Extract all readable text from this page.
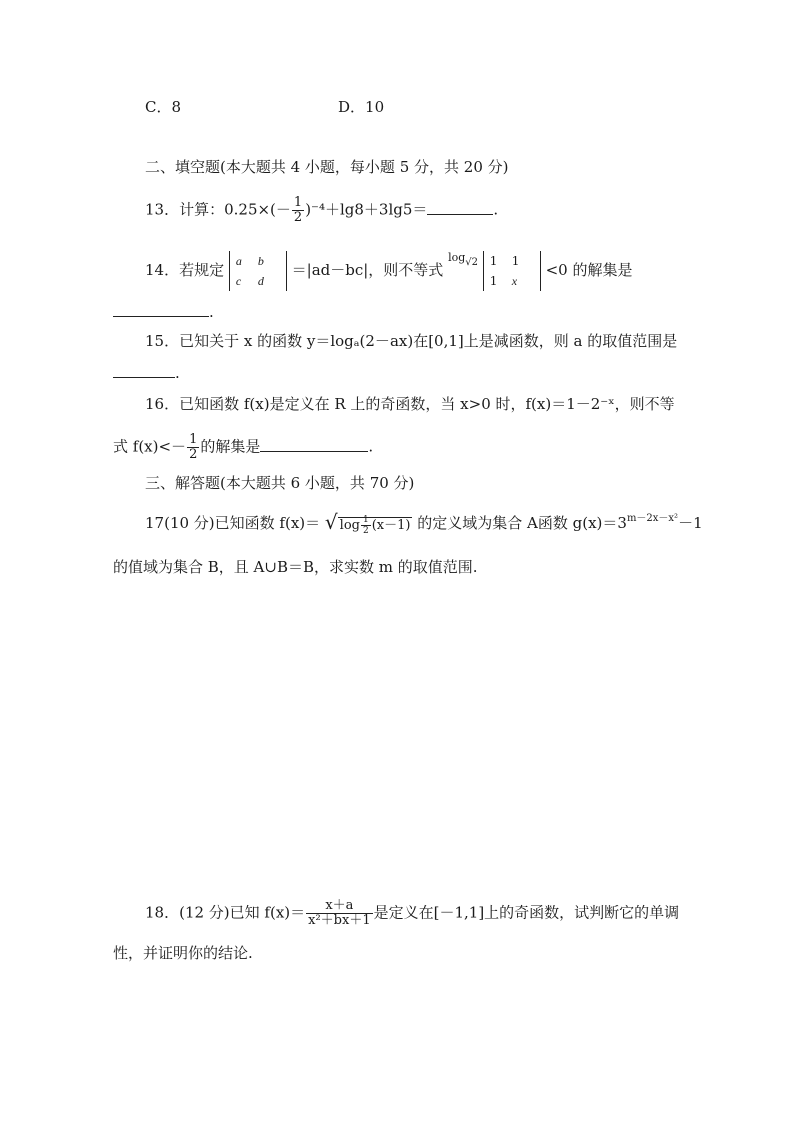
C．8	D．10
二、填空题(本大题共 4 小题，每小题 5 分，共 20 分)
13．计算：$0.25\times(- \frac{1}{2} )^{-4}+\lg 8+3\lg 5=$	.
14．若规定 a b
c d
＝|ad－bc|，则不等式 $^{log√2}$ 1 1
1 x
<0 的解集是
.
15．已知关于 x 的函数 y＝logₐ(2－ax)在[0,1]上是减函数，则 a 的取值范围是
.
16．已知函数 f(x)是定义在 R 上的奇函数，当 x>0 时，f(x)＝1－2⁻ˣ，则不等
式 $f(x)<- \frac{1}{2}$ 的解集是	.
三、解答题(本大题共 6 小题，共 70 分)
17(10 分)已知函数 f(x)＝ √ $\log \frac{1}{2} (x-1)$ 的定义域为集合 A函数 $g(x)=3^{m-2x-x^2}-1$
的值域为集合 B，且 A∪B＝B，求实数 m 的取值范围.
18．(12 分)已知 $f(x)= \frac{x+a}{\text{x²＋bx＋1}}$ 是定义在[－1,1]上的奇函数，试判断它的单调
性，并证明你的结论.
